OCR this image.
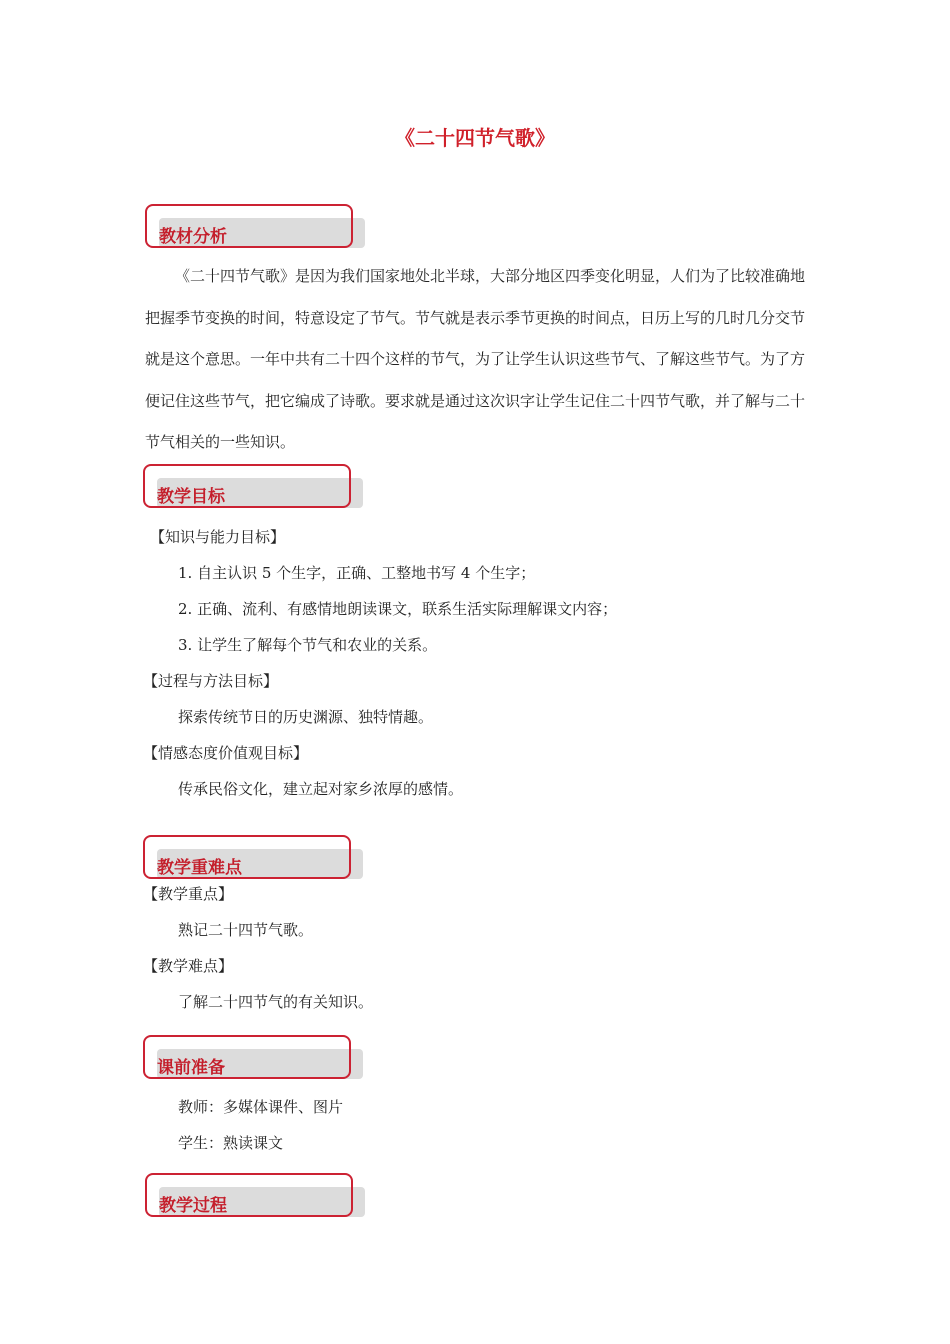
《二十四节气歌》
教材分析
《二十四节气歌》是因为我们国家地处北半球，大部分地区四季变化明显，人们为了比较准确地把握季节变换的时间，特意设定了节气。节气就是表示季节更换的时间点，日历上写的几时几分交节就是这个意思。一年中共有二十四个这样的节气，为了让学生认识这些节气、了解这些节气。为了方便记住这些节气，把它编成了诗歌。要求就是通过这次识字让学生记住二十四节气歌，并了解与二十节气相关的一些知识。
教学目标
【知识与能力目标】
1. 自主认识 5 个生字，正确、工整地书写 4 个生字；
2. 正确、流利、有感情地朗读课文，联系生活实际理解课文内容；
3. 让学生了解每个节气和农业的关系。
【过程与方法目标】
探索传统节日的历史渊源、独特情趣。
【情感态度价值观目标】
传承民俗文化，建立起对家乡浓厚的感情。
教学重难点
【教学重点】
熟记二十四节气歌。
【教学难点】
了解二十四节气的有关知识。
课前准备
教师：多媒体课件、图片
学生：熟读课文
教学过程
